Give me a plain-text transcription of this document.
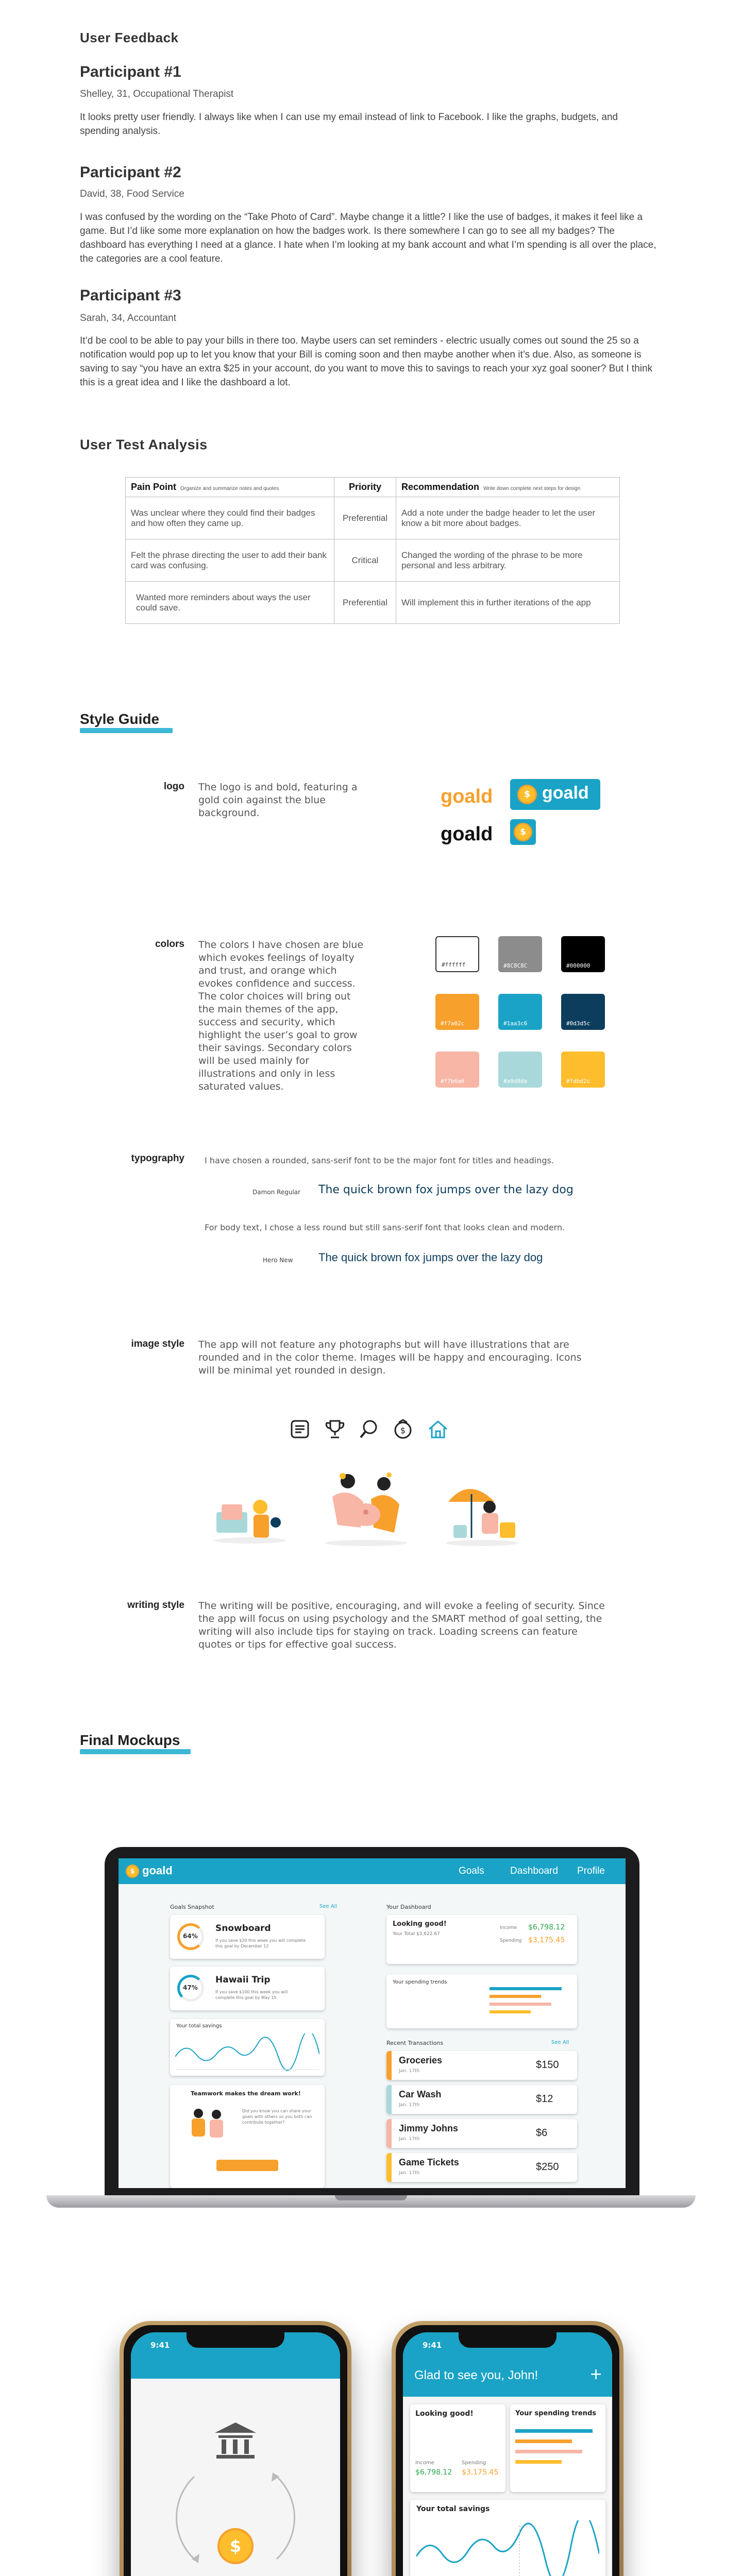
User Feedback
Participant #1
Shelley, 31, Occupational Therapist
It looks pretty user friendly. I always like when I can use my email instead of link to Facebook. I like the graphs, budgets, and spending analysis.
Participant #2
David, 38, Food Service
I was confused by the wording on the “Take Photo of Card”. Maybe change it a little? I like the use of badges, it makes it feel like a game. But I’d like some more explanation on how the badges work. Is there somewhere I can go to see all my badges? The dashboard has everything I need at a glance. I hate when I’m looking at my bank account and what I’m spending is all over the place, the categories are a cool feature.
Participant #3
Sarah, 34, Accountant
It’d be cool to be able to pay your bills in there too. Maybe users can set reminders - electric usually comes out sound the 25 so a notification would pop up to let you know that your Bill is coming soon and then maybe another when it’s due. Also, as someone is saving to say “you have an extra $25 in your account, do you want to move this to savings to reach your xyz goal sooner? But I think this is a great idea and I like the dashboard a lot.
User Test Analysis
Pain Point Organize and summarize notes and quotes	Priority	Recommendation Write down complete next steps for design
Was unclear where they could find their badges and how often they came up.	Preferential	Add a note under the badge header to let the user know a bit more about badges.
Felt the phrase directing the user to add their bank card was confusing.	Critical	Changed the wording of the phrase to be more personal and less arbitrary.
Wanted more reminders about ways the user could save.	Preferential	Will implement this in further iterations of the app
Style Guide
logo The logo is and bold, featuring a gold coin against the blue background.
goald	$ goald
goald	$
colors The colors I have chosen are blue which evokes feelings of loyalty and trust, and orange which evokes confidence and success. The color choices will bring out the main themes of the app, success and security, which highlight the user’s goal to grow their savings. Secondary colors will be used mainly for illustrations and only in less saturated values.
#ffffff	#8C8C8C	#000000
#f7a02c	#1aa3c6	#0d3d5c
#f7b6a6	#a9d8da	#fdbd2c
typography I have chosen a rounded, sans-serif font to be the major font for titles and headings.
Damon Regular The quick brown fox jumps over the lazy dog
For body text, I chose a less round but still sans-serif font that looks clean and modern.
Hero New The quick brown fox jumps over the lazy dog
image style The app will not feature any photographs but will have illustrations that are rounded and in the color theme. Images will be happy and encouraging. Icons will be minimal yet rounded in design.
$
writing style The writing will be positive, encouraging, and will evoke a feeling of security. Since the app will focus on using psychology and the SMART method of goal setting, the writing will also include tips for staying on track. Loading screens can feature quotes or tips for effective goal success.
Final Mockups
$ goald	Goals	Dashboard Profile
Goals Snapshot	See All
64%
Snowboard
If you save $20 this week you will complete this goal by December 12
47%
Hawaii Trip
If you save $100 this week you will complete this goal by May 15
Your total savings
Teamwork makes the dream work!
Did you know you can share your goals with others so you both can contribute together?
Your Dashboard
Looking good!
Your Total $3,622.67
Income $6,798.12
Spending $3,175.45
Your spending trends
Recent Transactions	See All
Groceries
Jan. 17th
$150
Car Wash
Jan. 17th
$12
Jimmy Johns
Jan. 17th
$6
Game Tickets
Jan. 17th
$250
9:41
$
9:41
Glad to see you, John!	+
Looking good!
Income
$6,798.12
Spending
$3,175.45
Your spending trends
Your total savings
